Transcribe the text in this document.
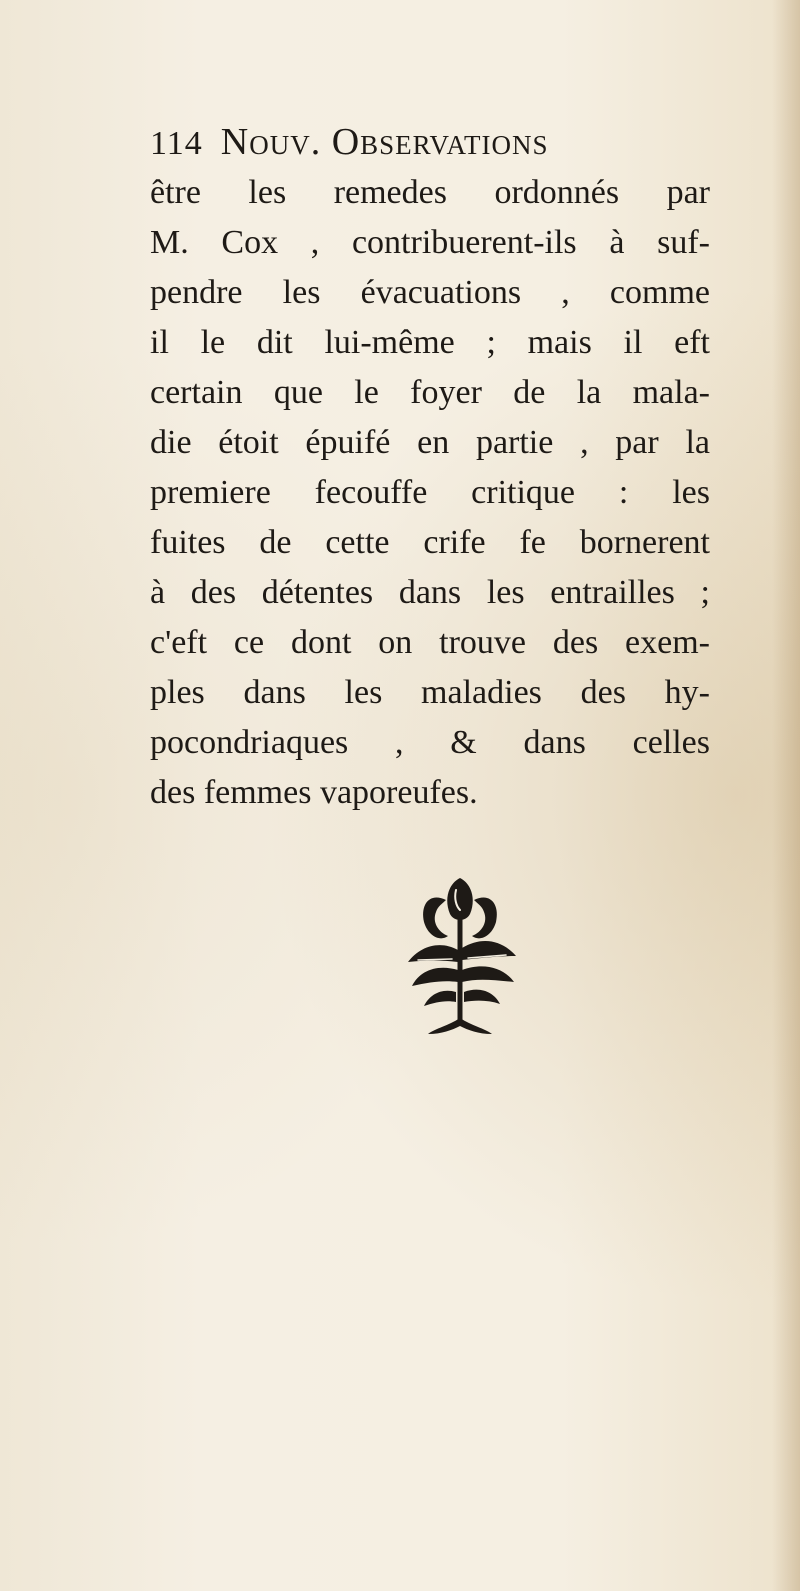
114 Nouv. Observations
être les remedes ordonnés par
M. Cox , contribuerent-ils à suf-
pendre les évacuations , comme
il le dit lui-même ; mais il eft
certain que le foyer de la mala-
die étoit épuifé en partie , par la
premiere fecouffe critique : les
fuites de cette crife fe bornerent
à des détentes dans les entrailles ;
c'eft ce dont on trouve des exem-
ples dans les maladies des hy-
pocondriaques , & dans celles
des femmes vaporeufes.
